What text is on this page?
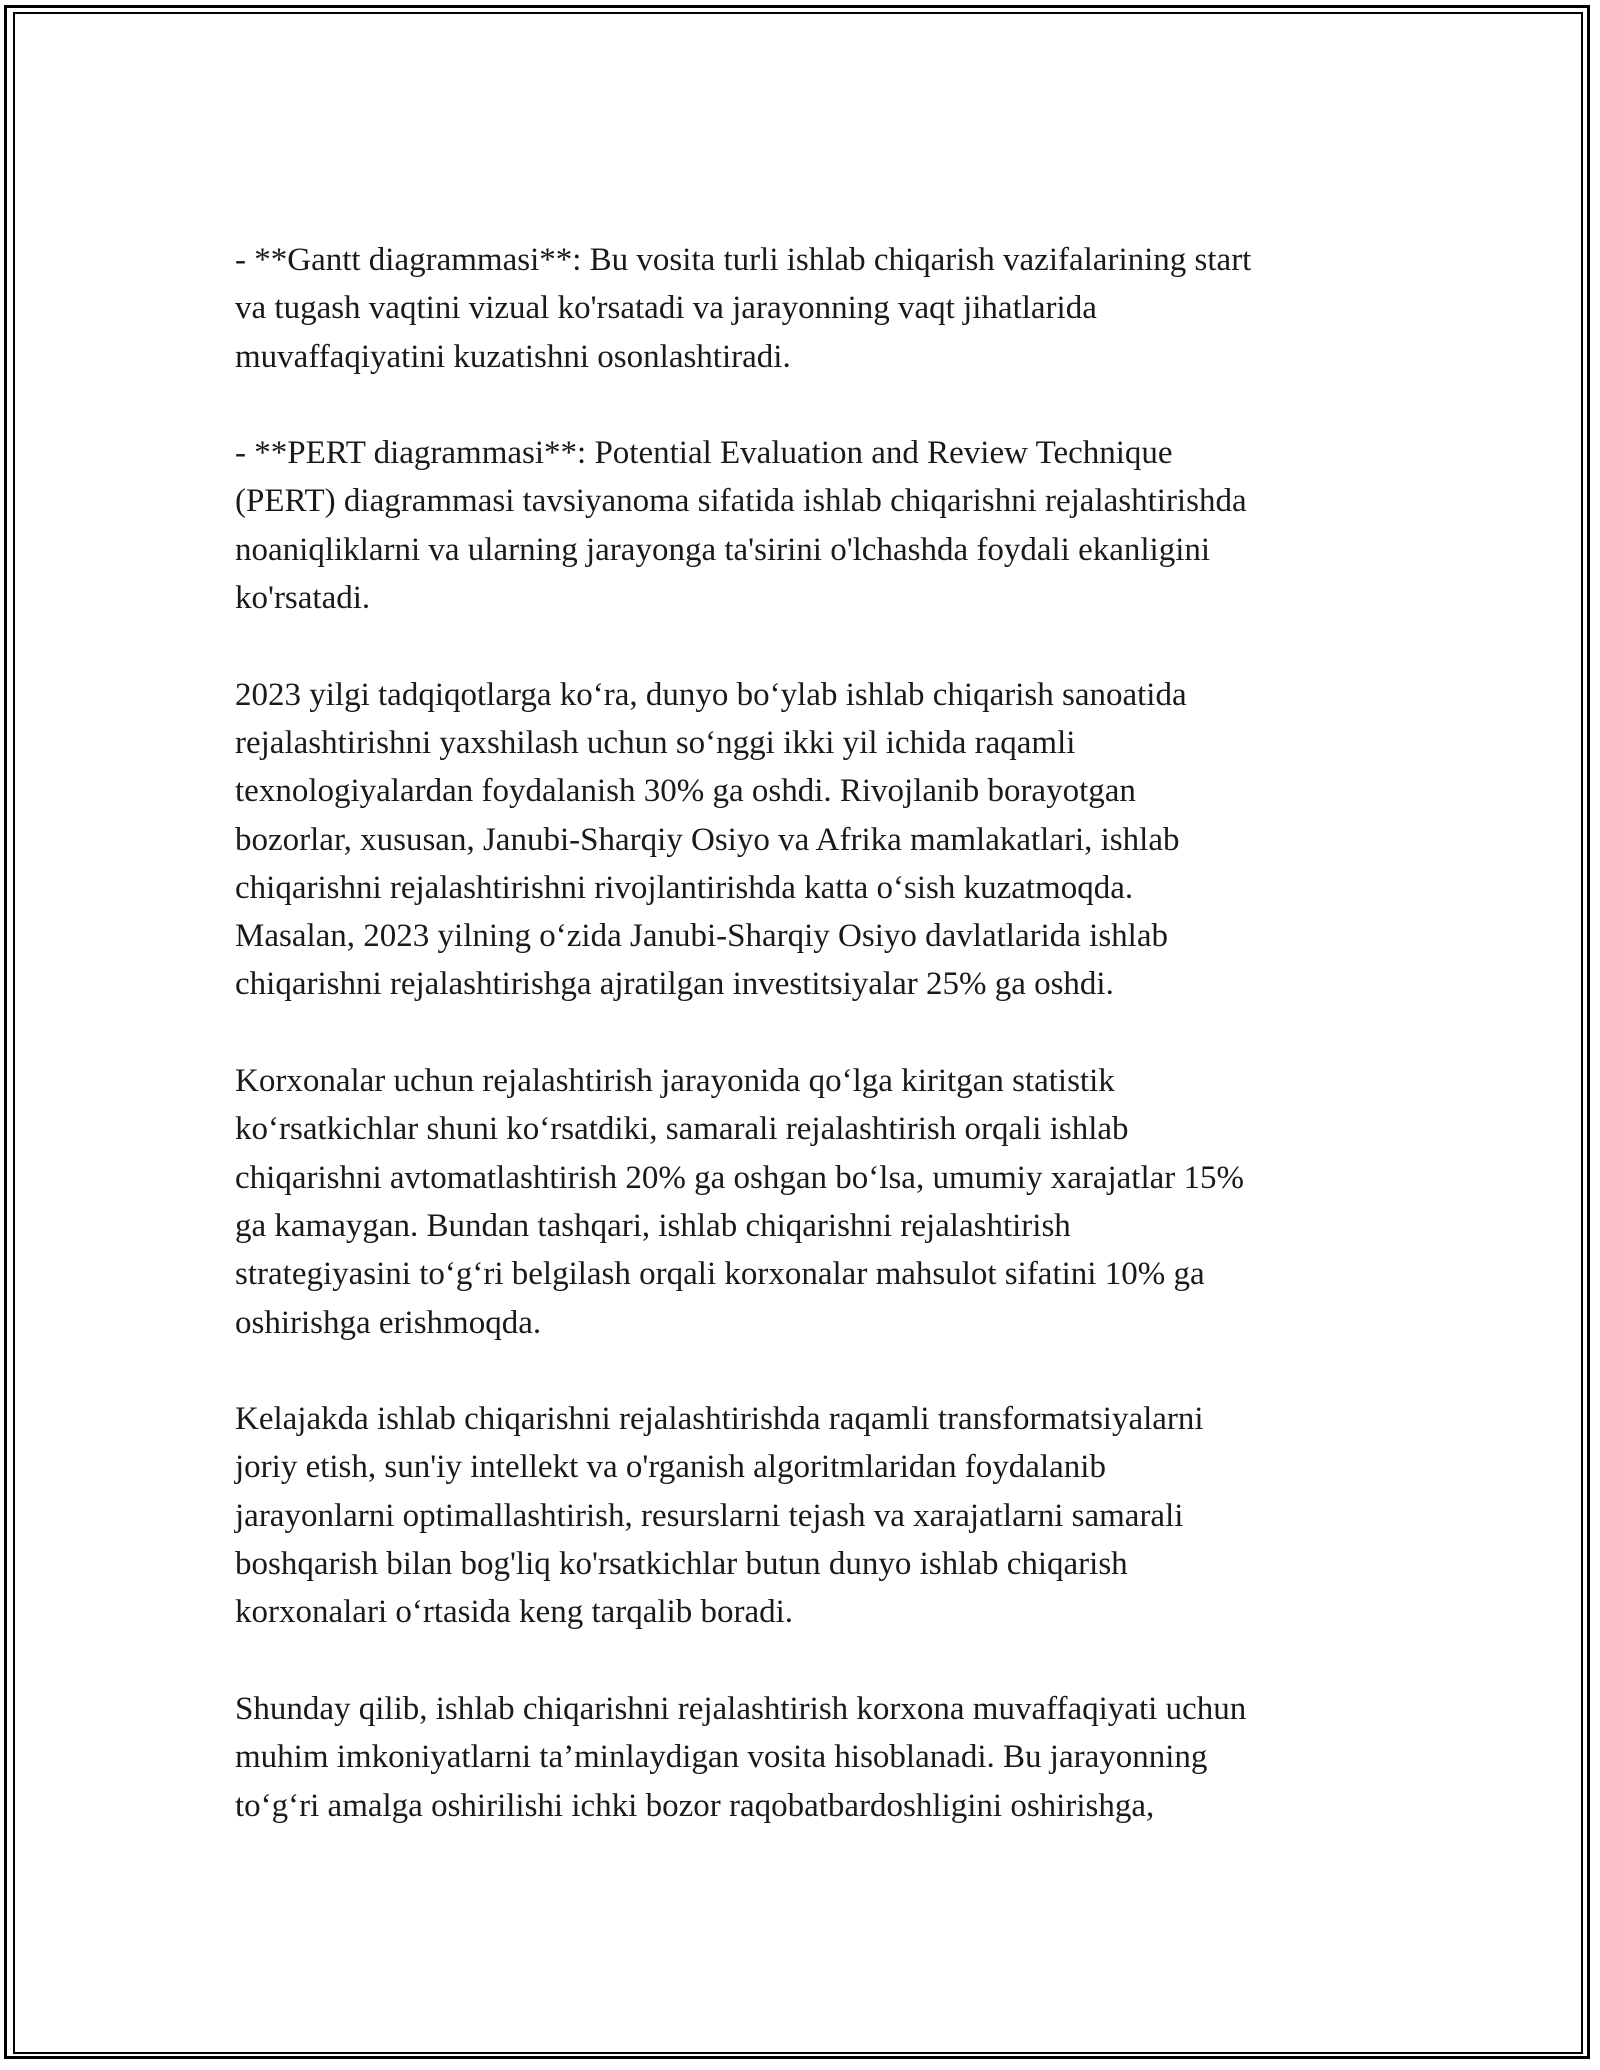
- **Gantt diagrammasi**: Bu vosita turli ishlab chiqarish vazifalarining start
va tugash vaqtini vizual ko'rsatadi va jarayonning vaqt jihatlarida
muvaffaqiyatini kuzatishni osonlashtiradi.

- **PERT diagrammasi**: Potential Evaluation and Review Technique
(PERT) diagrammasi tavsiyanoma sifatida ishlab chiqarishni rejalashtirishda
noaniqliklarni va ularning jarayonga ta'sirini o'lchashda foydali ekanligini
ko'rsatadi.

2023 yilgi tadqiqotlarga ko‘ra, dunyo bo‘ylab ishlab chiqarish sanoatida
rejalashtirishni yaxshilash uchun so‘nggi ikki yil ichida raqamli
texnologiyalardan foydalanish 30% ga oshdi. Rivojlanib borayotgan
bozorlar, xususan, Janubi-Sharqiy Osiyo va Afrika mamlakatlari, ishlab
chiqarishni rejalashtirishni rivojlantirishda katta o‘sish kuzatmoqda.
Masalan, 2023 yilning o‘zida Janubi-Sharqiy Osiyo davlatlarida ishlab
chiqarishni rejalashtirishga ajratilgan investitsiyalar 25% ga oshdi.

Korxonalar uchun rejalashtirish jarayonida qo‘lga kiritgan statistik
ko‘rsatkichlar shuni ko‘rsatdiki, samarali rejalashtirish orqali ishlab
chiqarishni avtomatlashtirish 20% ga oshgan bo‘lsa, umumiy xarajatlar 15%
ga kamaygan. Bundan tashqari, ishlab chiqarishni rejalashtirish
strategiyasini to‘g‘ri belgilash orqali korxonalar mahsulot sifatini 10% ga
oshirishga erishmoqda.

Kelajakda ishlab chiqarishni rejalashtirishda raqamli transformatsiyalarni
joriy etish, sun'iy intellekt va o'rganish algoritmlaridan foydalanib
jarayonlarni optimallashtirish, resurslarni tejash va xarajatlarni samarali
boshqarish bilan bog'liq ko'rsatkichlar butun dunyo ishlab chiqarish
korxonalari o‘rtasida keng tarqalib boradi.

Shunday qilib, ishlab chiqarishni rejalashtirish korxona muvaffaqiyati uchun
muhim imkoniyatlarni ta’minlaydigan vosita hisoblanadi. Bu jarayonning
to‘g‘ri amalga oshirilishi ichki bozor raqobatbardoshligini oshirishga,
